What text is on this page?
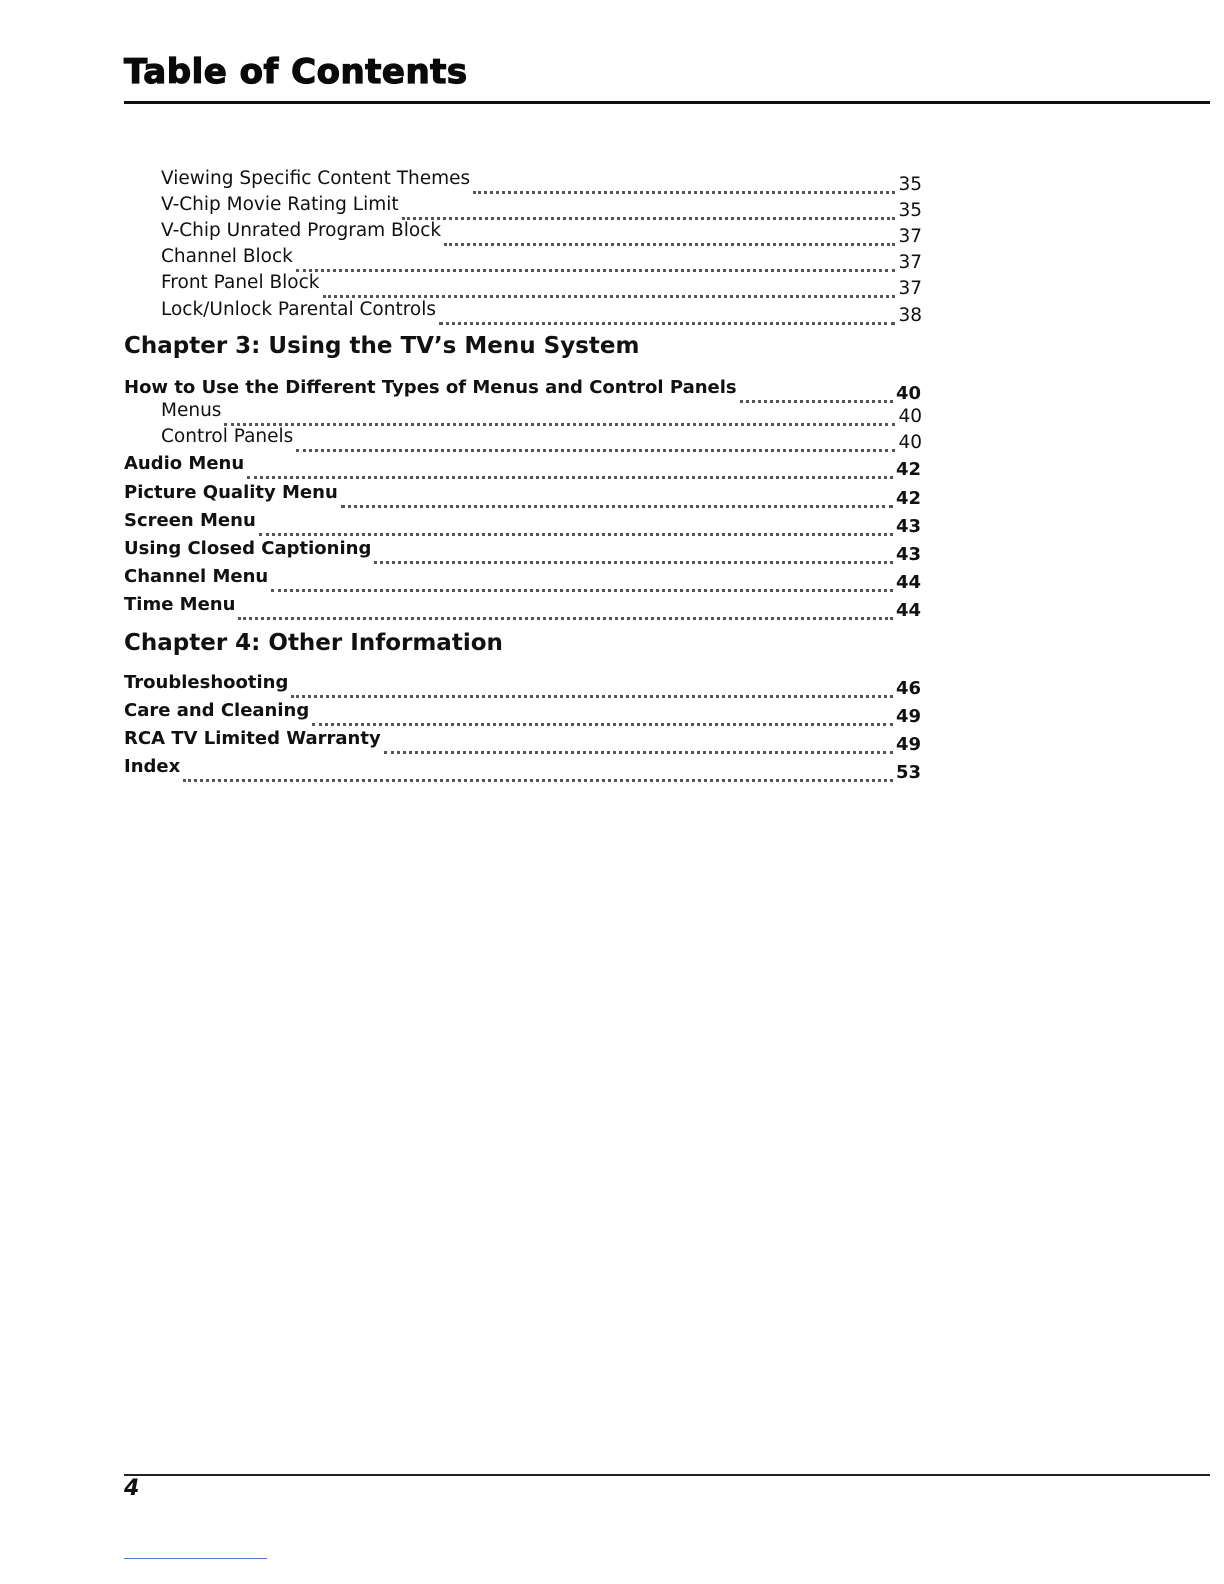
Table of Contents
Viewing Specific Content Themes	35
V-Chip Movie Rating Limit	35
V-Chip Unrated Program Block	37
Channel Block	37
Front Panel Block	37
Lock/Unlock Parental Controls	38
Chapter 3: Using the TV’s Menu System
How to Use the Different Types of Menus and Control Panels	40
Menus	40
Control Panels	40
Audio Menu	42
Picture Quality Menu	42
Screen Menu	43
Using Closed Captioning	43
Channel Menu	44
Time Menu	44
Chapter 4: Other Information
Troubleshooting	46
Care and Cleaning	49
RCA TV Limited Warranty	49
Index	53
4
